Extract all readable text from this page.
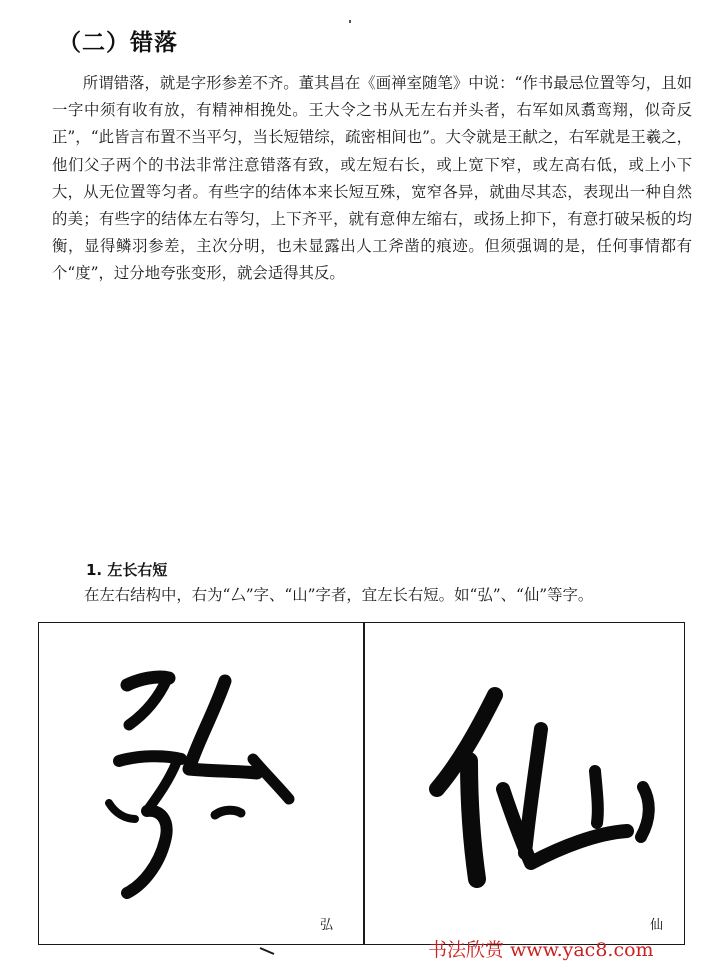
（二）错落

所谓错落，就是字形参差不齐。董其昌在《画禅室随笔》中说：“作书最忌位置等匀，且如一字中须有收有放，有精神相挽处。王大令之书从无左右并头者，右军如凤翥鸾翔，似奇反正”，“此皆言布置不当平匀，当长短错综，疏密相间也”。大令就是王献之，右军就是王羲之，他们父子两个的书法非常注意错落有致，或左短右长，或上宽下窄，或左高右低，或上小下大，从无位置等匀者。有些字的结体本来长短互殊，宽窄各异，就曲尽其态，表现出一种自然的美；有些字的结体左右等匀，上下齐平，就有意伸左缩右，或扬上抑下，有意打破呆板的均衡，显得鳞羽参差，主次分明，也未显露出人工斧凿的痕迹。但须强调的是，任何事情都有个“度”，过分地夸张变形，就会适得其反。

1. 左长右短

在左右结构中，右为“厶”字、“山”字者，宜左长右短。如“弘”、“仙”等字。

弘	仙
书法欣赏 www.yac8.com
